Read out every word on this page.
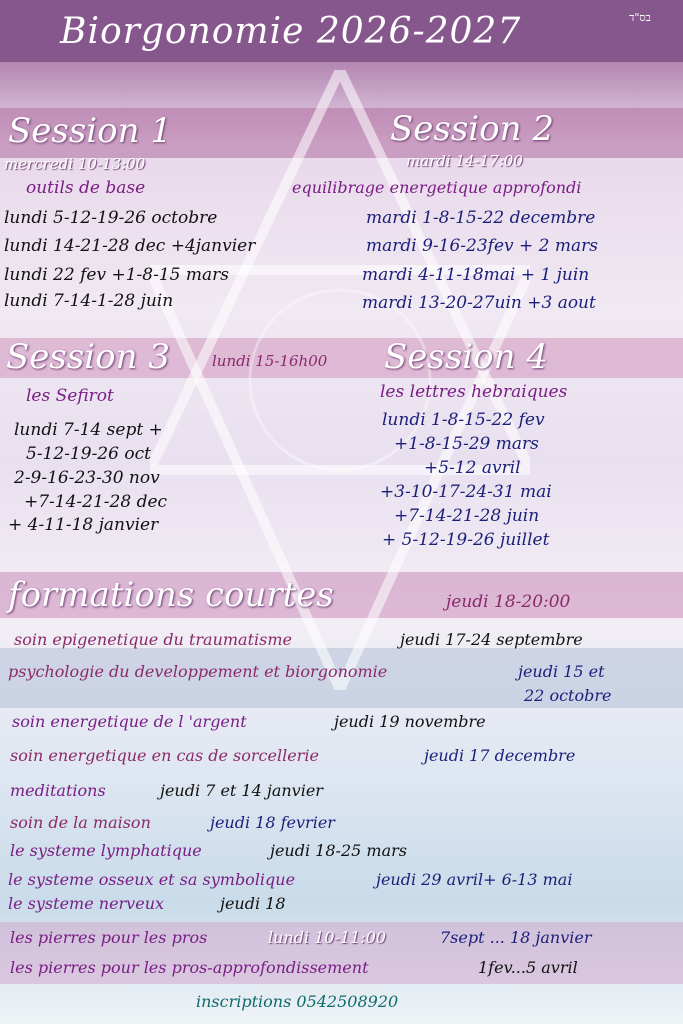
Biorgonomie 2026-2027	בס"ד
Session 1
mercredi 10-13:00
outils de base
lundi 5-12-19-26 octobre
lundi 14-21-28 dec +4janvier
lundi 22 fev +1-8-15 mars
lundi 7-14-1-28 juin
Session 2
mardi 14-17:00
equilibrage energetique approfondi
mardi 1-8-15-22 decembre
mardi 9-16-23fev + 2 mars
mardi 4-11-18mai + 1 juin
mardi 13-20-27uin +3 aout
Session 3	lundi 15-16h00
les Sefirot
lundi 7-14 sept +
5-12-19-26 oct
2-9-16-23-30 nov
+7-14-21-28 dec
+ 4-11-18 janvier
Session 4
les lettres hebraiques
lundi 1-8-15-22 fev
+1-8-15-29 mars
+5-12 avril
+3-10-17-24-31 mai
+7-14-21-28 juin
+ 5-12-19-26 juillet
formations courtes	jeudi 18-20:00
soin epigenetique du traumatisme	jeudi 17-24 septembre
psychologie du developpement et biorgonomie	jeudi 15 et
22 octobre
soin energetique de l 'argent	jeudi 19 novembre
soin energetique en cas de sorcellerie	jeudi 17 decembre
meditations	jeudi 7 et 14 janvier
soin de la maison	jeudi 18 fevrier
le systeme lymphatique	jeudi 18-25 mars
le systeme osseux et sa symbolique	jeudi 29 avril+ 6-13 mai
le systeme nerveux	jeudi 18
les pierres pour les pros	lundi 10-11:00	7sept ... 18 janvier
les pierres pour les pros-approfondissement	1fev...5 avril
inscriptions 0542508920
